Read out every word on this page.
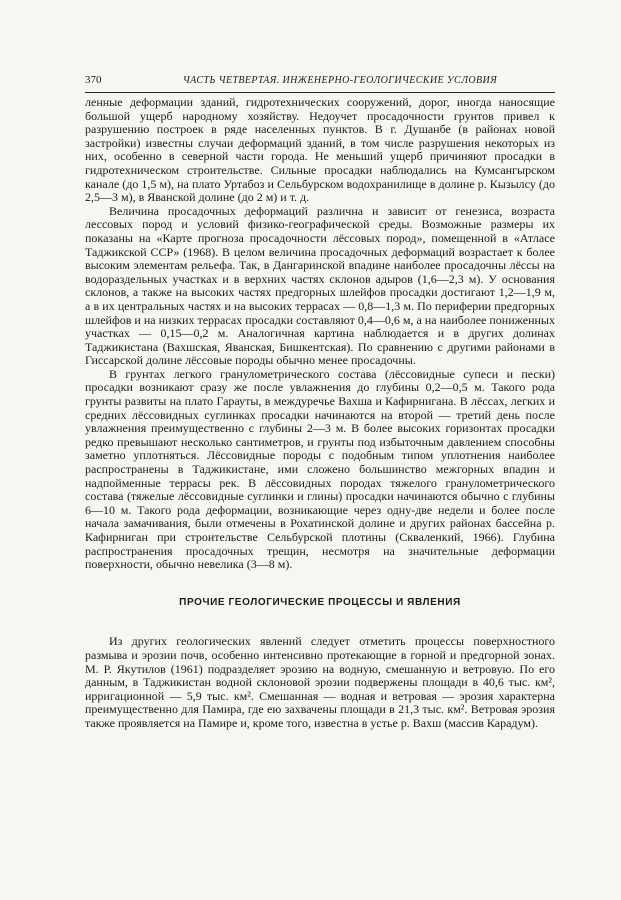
370	ЧАСТЬ ЧЕТВЕРТАЯ. ИНЖЕНЕРНО-ГЕОЛОГИЧЕСКИЕ УСЛОВИЯ

ленные деформации зданий, гидротехнических сооружений, дорог, иногда наносящие большой ущерб народному хозяйству. Недоучет просадочности грунтов привел к разрушению построек в ряде населенных пунктов. В г. Душанбе (в районах новой застройки) известны случаи деформаций зданий, в том числе разрушения некоторых из них, особенно в северной части города. Не меньший ущерб причиняют просадки в гидротехническом строительстве. Сильные просадки наблюдались на Кумсангырском канале (до 1,5 м), на плато Уртабоз и Сельбурском водохранилище в долине р. Кызылсу (до 2,5—3 м), в Яванской долине (до 2 м) и т. д.

Величина просадочных деформаций различна и зависит от генезиса, возраста лессовых пород и условий физико-географической среды. Возможные размеры их показаны на «Карте прогноза просадочности лёссовых пород», помещенной в «Атласе Таджикской ССР» (1968). В целом величина просадочных деформаций возрастает к более высоким элементам рельефа. Так, в Дангаринской впадине наиболее просадочны лёссы на водораздельных участках и в верхних частях склонов адыров (1,6—2,3 м). У основания склонов, а также на высоких частях предгорных шлейфов просадки достигают 1,2—1,9 м, а в их центральных частях и на высоких террасах — 0,8—1,3 м. По периферии предгорных шлейфов и на низких террасах просадки составляют 0,4—0,6 м, а на наиболее пониженных участках — 0,15—0,2 м. Аналогичная картина наблюдается и в других долинах Таджикистана (Вахшская, Яванская, Бишкентская). По сравнению с другими районами в Гиссарской долине лёссовые породы обычно менее просадочны.

В грунтах легкого гранулометрического состава (лёссовидные супеси и пески) просадки возникают сразу же после увлажнения до глубины 0,2—0,5 м. Такого рода грунты развиты на плато Гарауты, в междуречье Вахша и Кафирнигана. В лёссах, легких и средних лёссовидных суглинках просадки начинаются на второй — третий день после увлажнения преимущественно с глубины 2—3 м. В более высоких горизонтах просадки редко превышают несколько сантиметров, и грунты под избыточным давлением способны заметно уплотняться. Лёссовидные породы с подобным типом уплотнения наиболее распространены в Таджикистане, ими сложено большинство межгорных впадин и надпойменные террасы рек. В лёссовидных породах тяжелого гранулометрического состава (тяжелые лёссовидные суглинки и глины) просадки начинаются обычно с глубины 6—10 м. Такого рода деформации, возникающие через одну-две недели и более после начала замачивания, были отмечены в Рохатинской долине и других районах бассейна р. Кафирниган при строительстве Сельбурской плотины (Скваленкий, 1966). Глубина распространения просадочных трещин, несмотря на значительные деформации поверхности, обычно невелика (3—8 м).

ПРОЧИЕ ГЕОЛОГИЧЕСКИЕ ПРОЦЕССЫ И ЯВЛЕНИЯ

Из других геологических явлений следует отметить процессы поверхностного размыва и эрозии почв, особенно интенсивно протекающие в горной и предгорной зонах. М. Р. Якутилов (1961) подразделяет эрозию на водную, смешанную и ветровую. По его данным, в Таджикистан водной склоновой эрозии подвержены площади в 40,6 тыс. км², ирригационной — 5,9 тыс. км². Смешанная — водная и ветровая — эрозия характерна преимущественно для Памира, где ею захвачены площади в 21,3 тыс. км². Ветровая эрозия также проявляется на Памире и, кроме того, известна в устье р. Вахш (массив Карадум).
